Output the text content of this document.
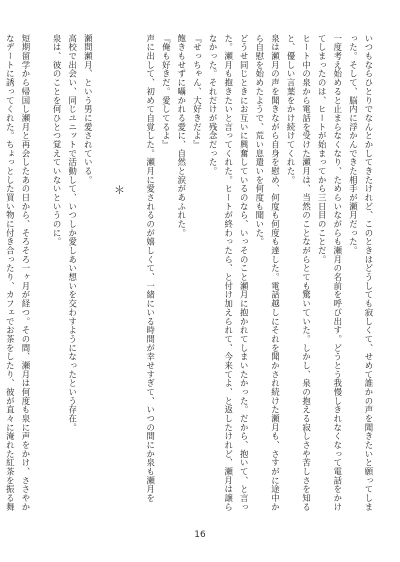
いつもならひとりでなんとかしてきたけれど、このときはどうしても寂しくて、せめて誰かの声を聞きたいと願ってしまった。そして、脳内に浮かんできた相手が瀬月だった。

一度考え始めると止まらなくなり、ためらいながらも瀬月の名前を呼び出す。どうとう我慢しきれなくなって電話をかけてしまったのは、ヒートが始まってから三日目のことだ。

ヒート中の泉から電話を受けた瀬月は、当然のことながらとても驚いていた。しかし、泉の抱える寂しさや苦しさを知ると、優しい言葉をかけ続けてくれた。

泉は瀬月の声を聞きながら自身を慰め、何度も何度も達した。電話越しにそれを聞かされ続けた瀬月も、さすがに途中から自慰を始めたようで、荒い息遣いを何度も聞いた。

どうせ同じときにお互いに興奮しているのなら、いっそのこと瀬月に抱かれてしまいたかった。だから、抱いて、と言った。瀬月も抱きたいと言ってくれた。ヒートが終わったら、と付け加えられて、今来てよ、と返したけれど、瀬月は譲らなかった。それだけが残念だった。

『せっちゃん、大好きだよ』

飽きもせずに囁かれる愛に、自然と涙があふれた。

『俺も好きだ。愛してるよ』

声に出して、初めて自覚した。瀬月に愛されるのが嬉しくて、一緒にいる時間が幸せすぎて、いつの間にか泉も瀬月を

＊

瀬間瀬月、という男に愛されている。

高校で出会い、同じユニットで活動して、いつしか愛しあい想いを交わすようになったという存在。

泉は、彼のことを何ひとつ覚えていないというのに。

短期留学から帰国し瀬月と再会したあの日から、そろそろ一ヶ月が経つ。その間、瀬月は何度も泉に声をかけ、ささやかなデートに誘ってくれた。ちょっとした買い物に付き合ったり、カフェでお茶をしたり、彼が直々に淹れた紅茶を振る舞

16
